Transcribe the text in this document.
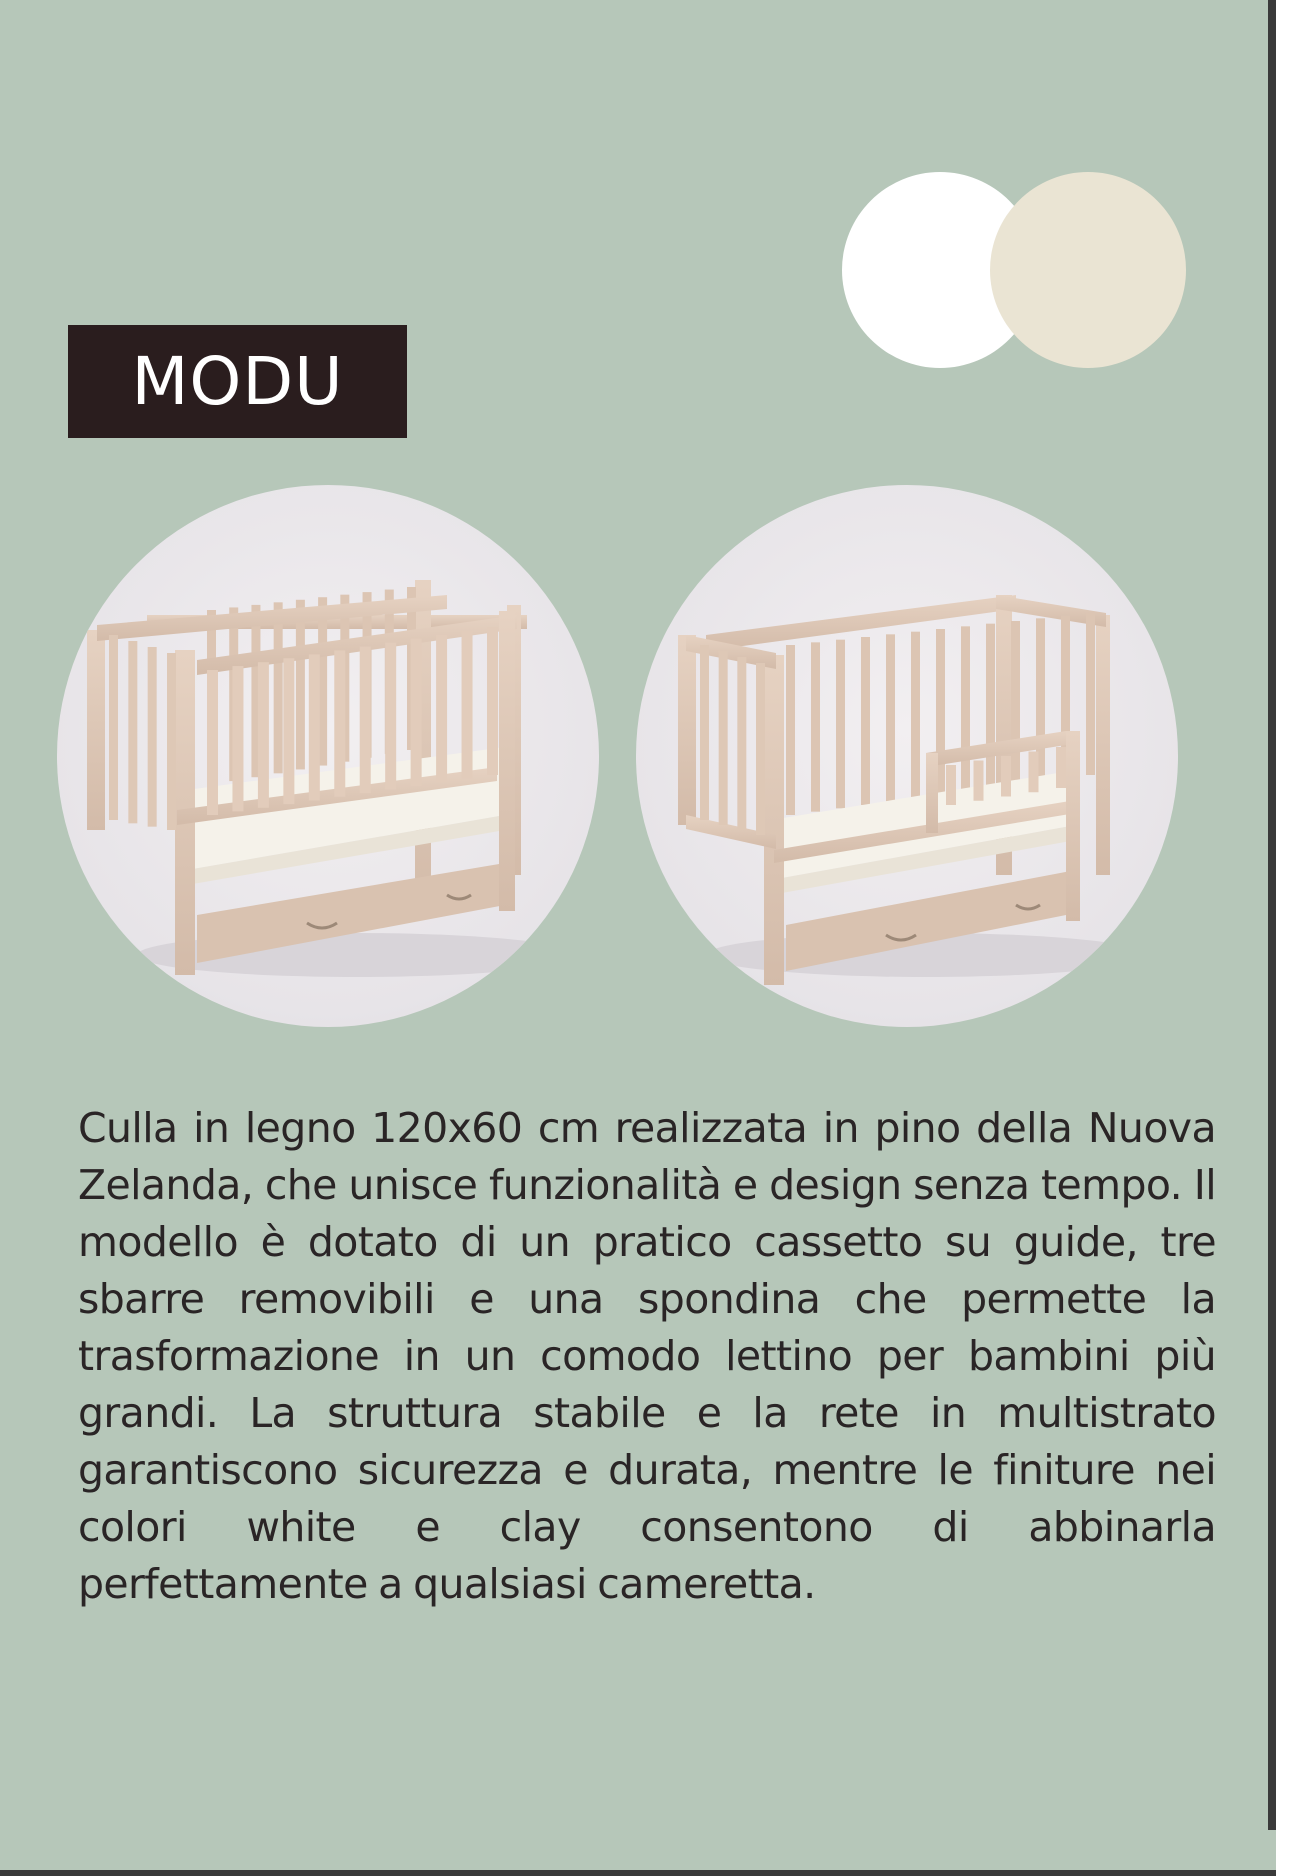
MODU

Culla in legno 120x60 cm realizzata in pino della Nuova Zelanda, che unisce funzionalità e design senza tempo. Il modello è dotato di un pratico cassetto su guide, tre sbarre removibili e una spondina che permette la trasformazione in un comodo lettino per bambini più grandi. La struttura stabile e la rete in multistrato garantiscono sicurezza e durata, mentre le finiture nei colori white e clay consentono di abbinarla perfettamente a qualsiasi cameretta.
